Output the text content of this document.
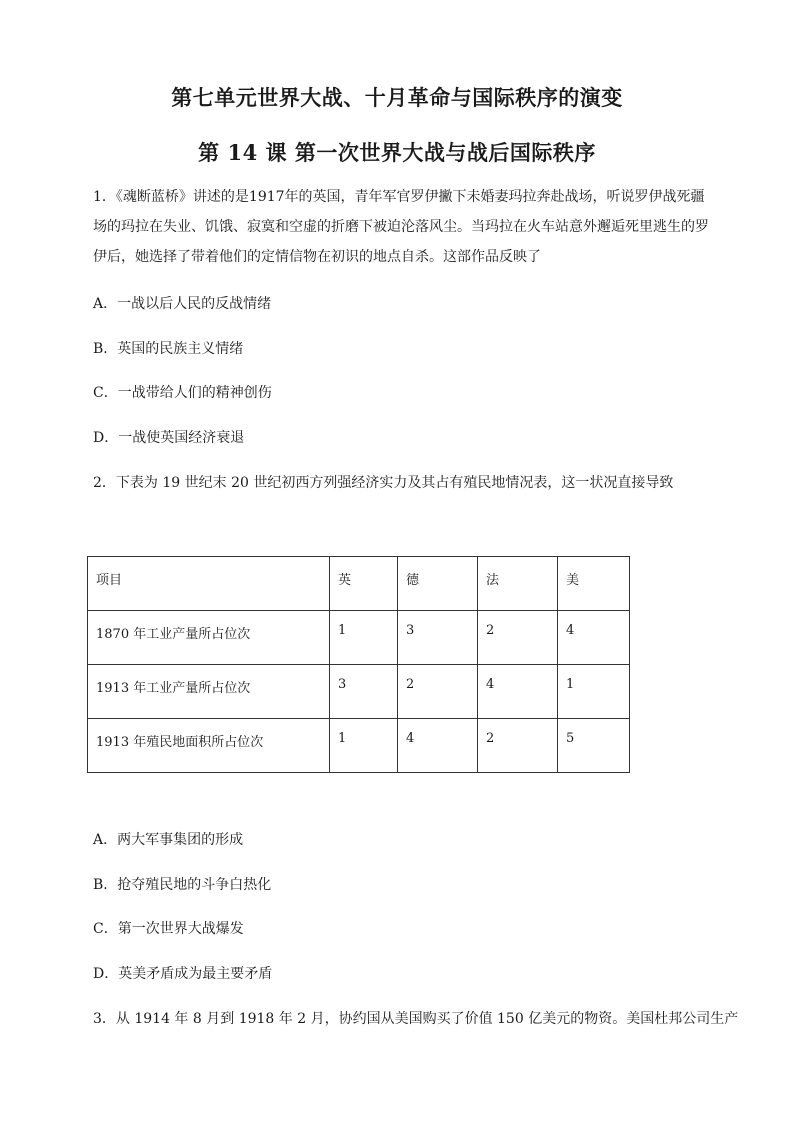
第七单元世界大战、十月革命与国际秩序的演变
第 14 课 第一次世界大战与战后国际秩序
1．《魂断蓝桥》讲述的是1917年的英国，青年军官罗伊撇下未婚妻玛拉奔赴战场，听说罗伊战死疆场的玛拉在失业、饥饿、寂寞和空虚的折磨下被迫沦落风尘。当玛拉在火车站意外邂逅死里逃生的罗伊后，她选择了带着他们的定情信物在初识的地点自杀。这部作品反映了
A．一战以后人民的反战情绪
B．英国的民族主义情绪
C．一战带给人们的精神创伤
D．一战使英国经济衰退
2．下表为 19 世纪末 20 世纪初西方列强经济实力及其占有殖民地情况表，这一状况直接导致
项目	英	德	法	美
1870 年工业产量所占位次	1	3	2	4
1913 年工业产量所占位次	3	2	4	1
1913 年殖民地面积所占位次	1	4	2	5
A．两大军事集团的形成
B．抢夺殖民地的斗争白热化
C．第一次世界大战爆发
D．英美矛盾成为最主要矛盾
3．从 1914 年 8 月到 1918 年 2 月，协约国从美国购买了价值 150 亿美元的物资。美国杜邦公司生产
